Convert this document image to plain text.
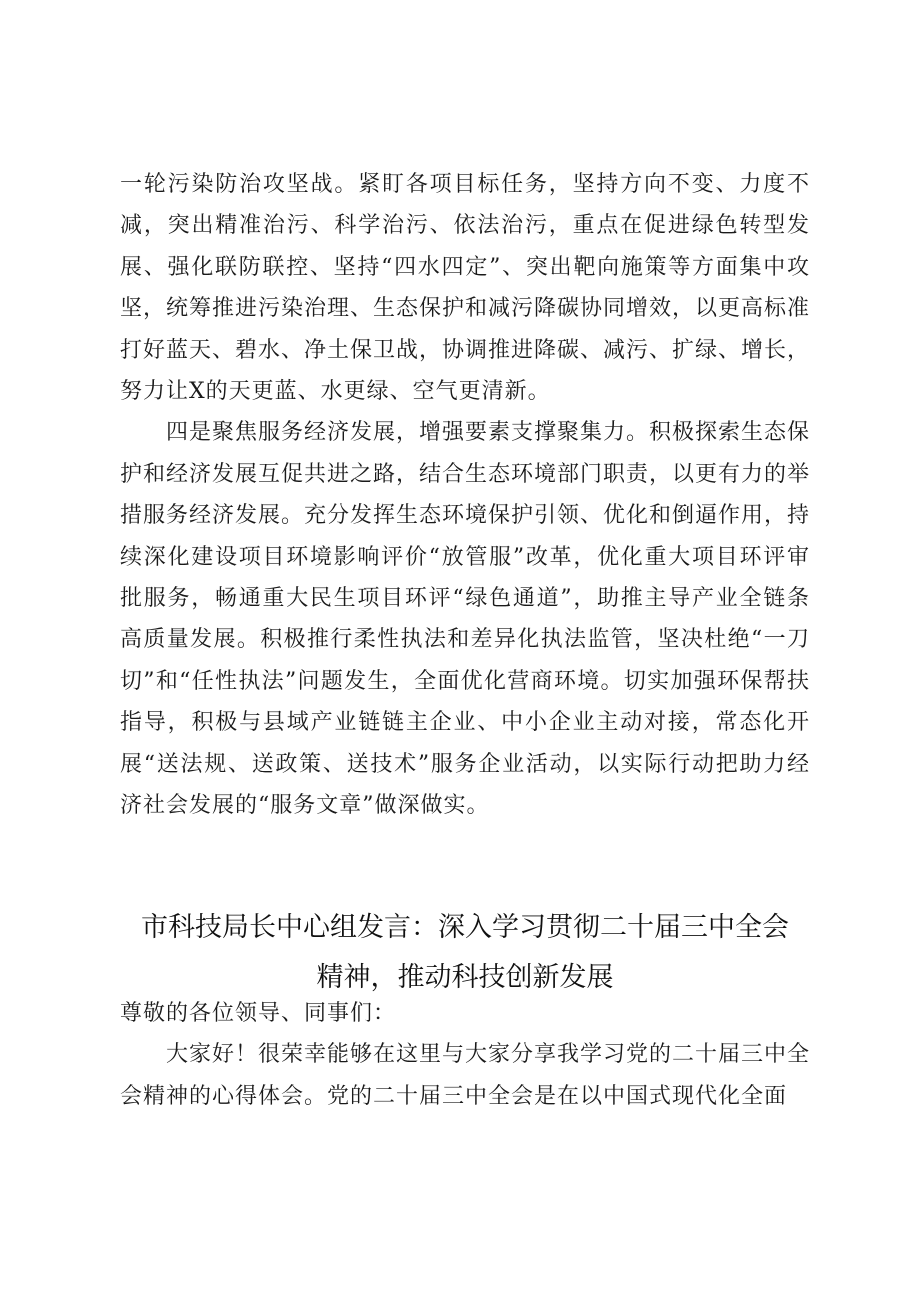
一轮污染防治攻坚战。紧盯各项目标任务，坚持方向不变、力度不减，突出精准治污、科学治污、依法治污，重点在促进绿色转型发展、强化联防联控、坚持“四水四定”、突出靶向施策等方面集中攻坚，统筹推进污染治理、生态保护和减污降碳协同增效，以更高标准打好蓝天、碧水、净土保卫战，协调推进降碳、减污、扩绿、增长，努力让X的天更蓝、水更绿、空气更清新。

四是聚焦服务经济发展，增强要素支撑聚集力。积极探索生态保护和经济发展互促共进之路，结合生态环境部门职责，以更有力的举措服务经济发展。充分发挥生态环境保护引领、优化和倒逼作用，持续深化建设项目环境影响评价“放管服”改革，优化重大项目环评审批服务，畅通重大民生项目环评“绿色通道”，助推主导产业全链条高质量发展。积极推行柔性执法和差异化执法监管，坚决杜绝“一刀切”和“任性执法”问题发生，全面优化营商环境。切实加强环保帮扶指导，积极与县域产业链链主企业、中小企业主动对接，常态化开展“送法规、送政策、送技术”服务企业活动，以实际行动把助力经济社会发展的“服务文章”做深做实。

市科技局长中心组发言：深入学习贯彻二十届三中全会

精神，推动科技创新发展

尊敬的各位领导、同事们：

大家好！很荣幸能够在这里与大家分享我学习党的二十届三中全会精神的心得体会。党的二十届三中全会是在以中国式现代化全面
